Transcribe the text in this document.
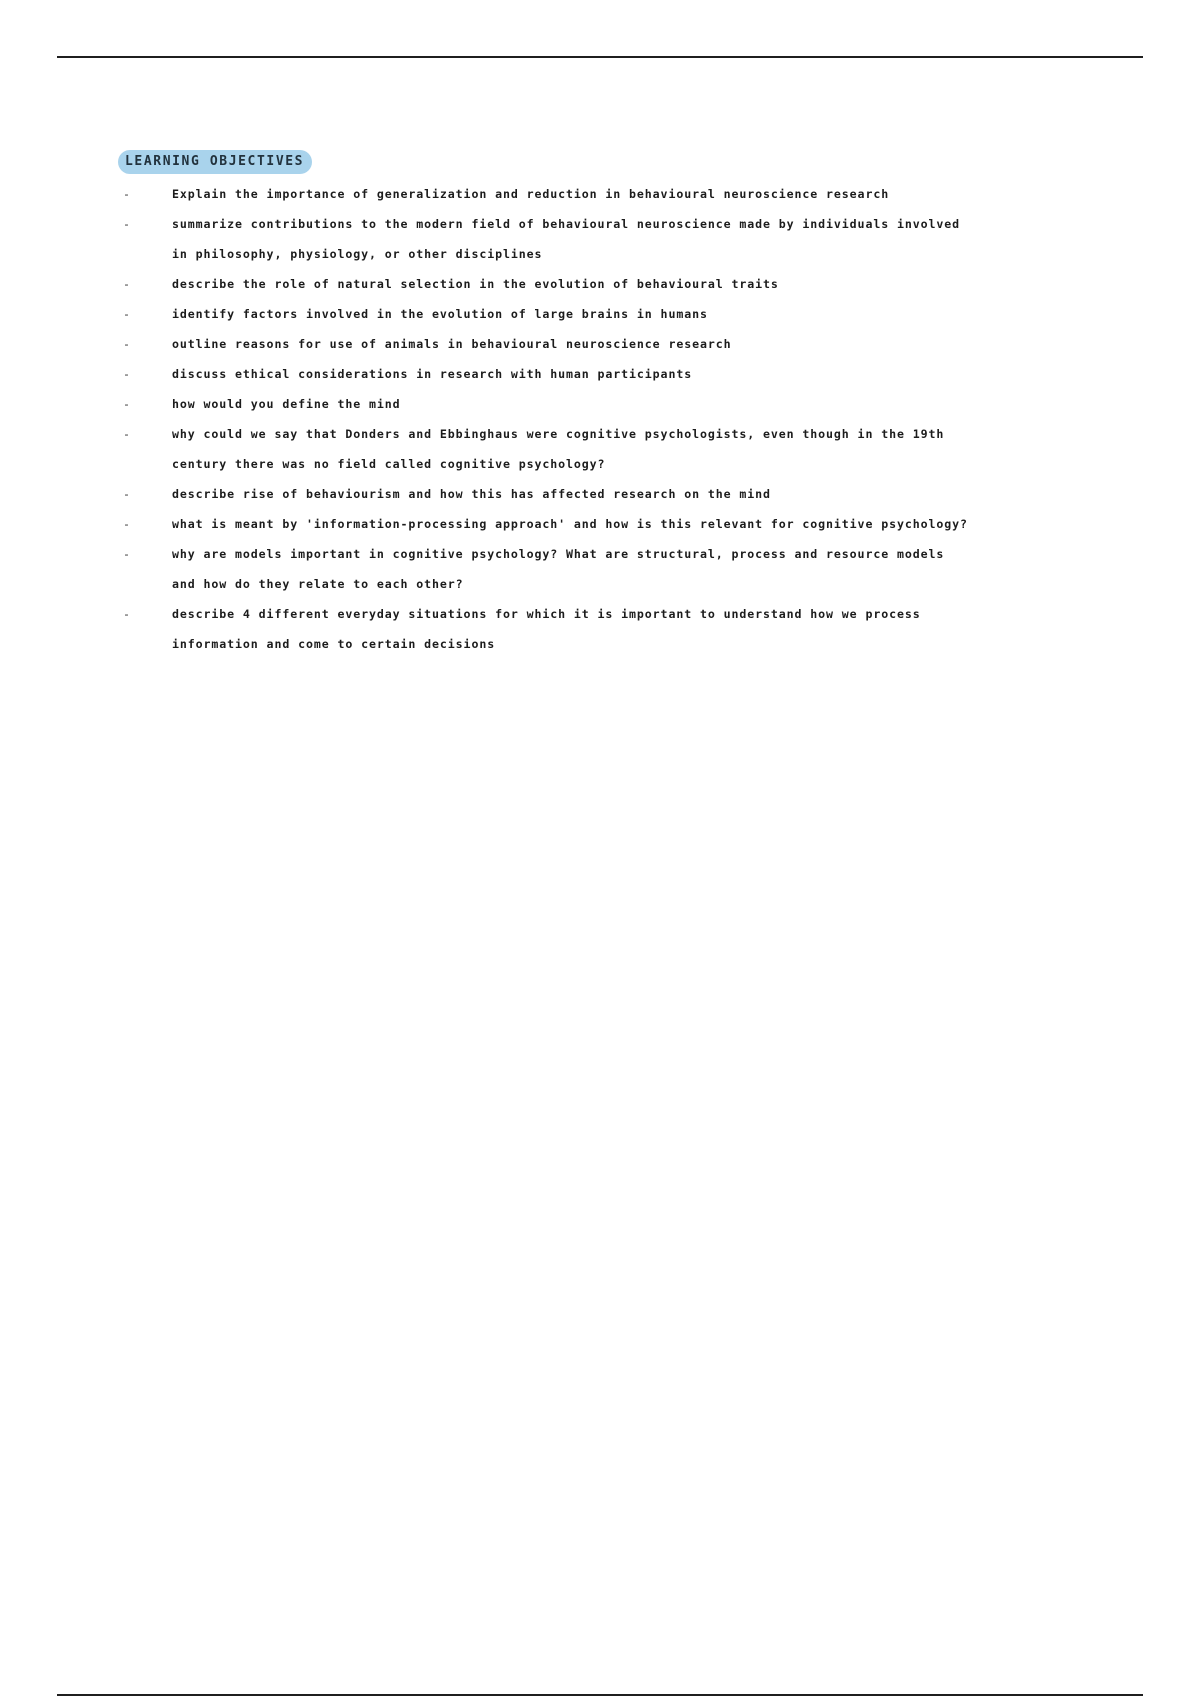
LEARNING OBJECTIVES
-	Explain the importance of generalization and reduction in behavioural neuroscience research
-	summarize contributions to the modern field of behavioural neuroscience made by individuals involved
in philosophy, physiology, or other disciplines
-	describe the role of natural selection in the evolution of behavioural traits
-	identify factors involved in the evolution of large brains in humans
-	outline reasons for use of animals in behavioural neuroscience research
-	discuss ethical considerations in research with human participants
-	how would you define the mind
-	why could we say that Donders and Ebbinghaus were cognitive psychologists, even though in the 19th
century there was no field called cognitive psychology?
-	describe rise of behaviourism and how this has affected research on the mind
-	what is meant by 'information-processing approach' and how is this relevant for cognitive psychology?
-	why are models important in cognitive psychology? What are structural, process and resource models
and how do they relate to each other?
-	describe 4 different everyday situations for which it is important to understand how we process
information and come to certain decisions
